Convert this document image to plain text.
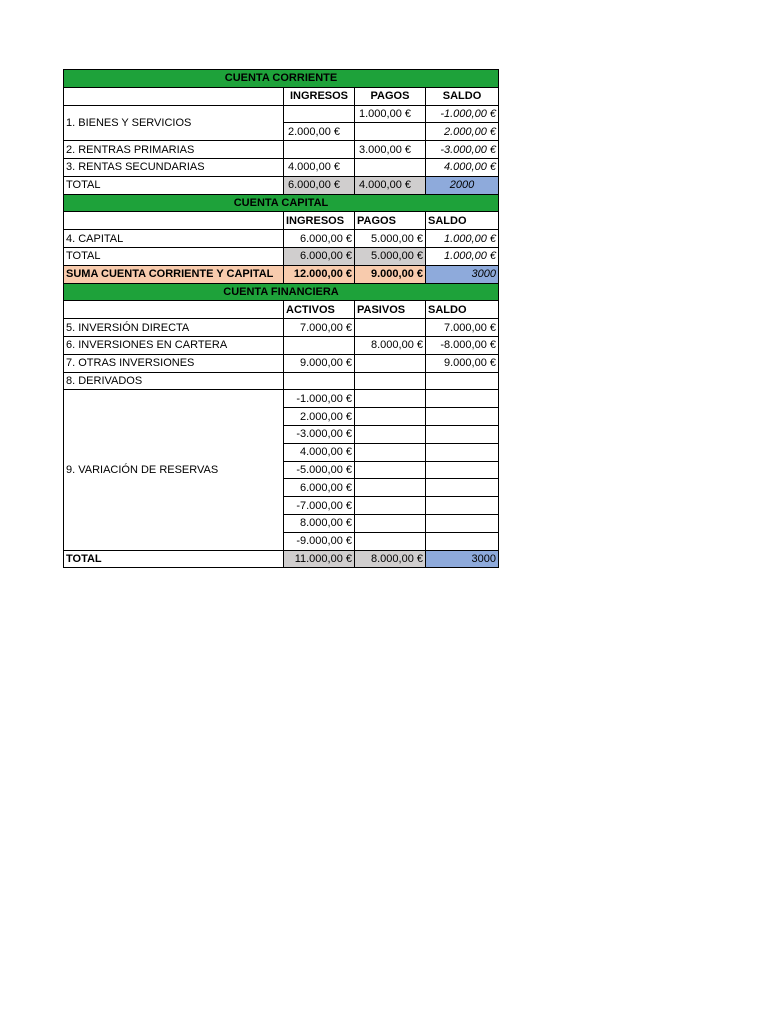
CUENTA CORRIENTE			
	INGRESOS	PAGOS	SALDO
1. BIENES Y SERVICIOS		1.000,00 €	-1.000,00 €
	2.000,00 €		2.000,00 €
2. RENTRAS PRIMARIAS		3.000,00 €	-3.000,00 €
3. RENTAS SECUNDARIAS	4.000,00 €		4.000,00 €
TOTAL	6.000,00 €	4.000,00 €	2000
CUENTA CAPITAL			
	INGRESOS	PAGOS	SALDO
4. CAPITAL	6.000,00 €	5.000,00 €	1.000,00 €
TOTAL	6.000,00 €	5.000,00 €	1.000,00 €
SUMA CUENTA CORRIENTE Y CAPITAL	12.000,00 €	9.000,00 €	3000
CUENTA FINANCIERA			
	ACTIVOS	PASIVOS	SALDO
5. INVERSIÓN DIRECTA	7.000,00 €		7.000,00 €
6. INVERSIONES EN CARTERA		8.000,00 €	-8.000,00 €
7. OTRAS INVERSIONES	9.000,00 €		9.000,00 €
8. DERIVADOS			
9. VARIACIÓN DE RESERVAS	-1.000,00 €		
	2.000,00 €		
	-3.000,00 €		
	4.000,00 €		
	-5.000,00 €		
	6.000,00 €		
	-7.000,00 €		
	8.000,00 €		
	-9.000,00 €		
TOTAL	11.000,00 €	8.000,00 €	3000
